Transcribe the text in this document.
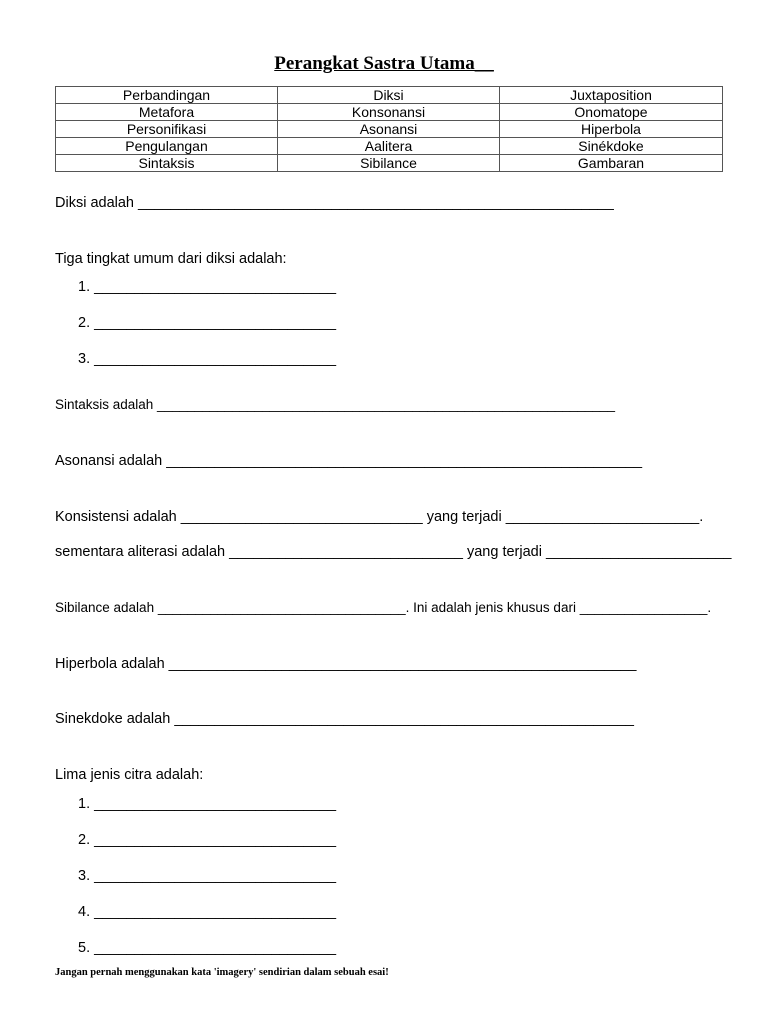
Perangkat Sastra Utama__
Perbandingan	Diksi	Juxtaposition
Metafora	Konsonansi	Onomatope
Personifikasi	Asonansi	Hiperbola
Pengulangan	Aalitera	Sinékdoke
Sintaksis	Sibilance	Gambaran
Diksi adalah ___________________________________________________________
Tiga tingkat umum dari diksi adalah:
1. ______________________________
2. ______________________________
3. ______________________________
Sintaksis adalah _____________________________________________________________
Asonansi adalah ___________________________________________________________
Konsistensi adalah ______________________________ yang terjadi ________________________.
sementara aliterasi adalah _____________________________ yang terjadi _______________________
Sibilance adalah _________________________________. Ini adalah jenis khusus dari _________________.
Hiperbola adalah __________________________________________________________
Sinekdoke adalah _________________________________________________________
Lima jenis citra adalah:
1. ______________________________
2. ______________________________
3. ______________________________
4. ______________________________
5. ______________________________
Jangan pernah menggunakan kata 'imagery' sendirian dalam sebuah esai!
